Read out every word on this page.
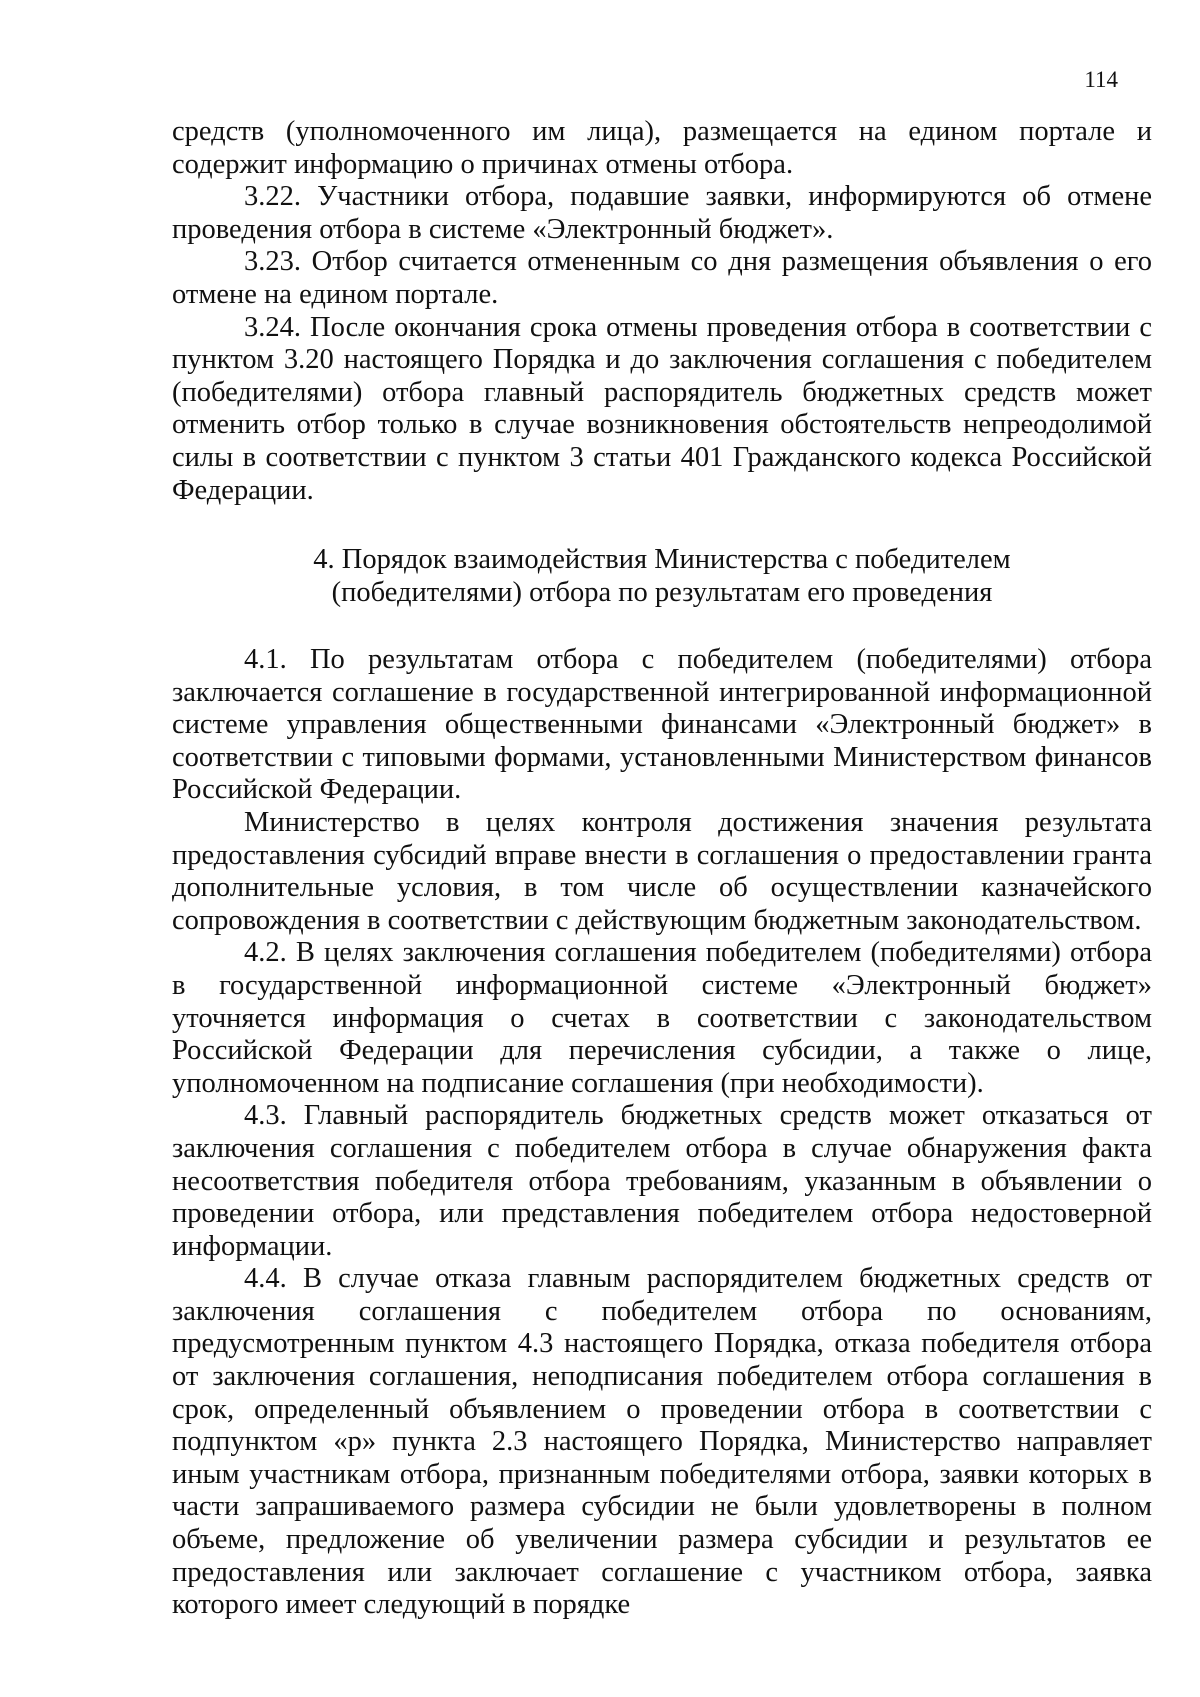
114

средств (уполномоченного им лица), размещается на едином портале и содержит информацию о причинах отмены отбора.

3.22. Участники отбора, подавшие заявки, информируются об отмене проведения отбора в системе «Электронный бюджет».

3.23. Отбор считается отмененным со дня размещения объявления о его отмене на едином портале.

3.24. После окончания срока отмены проведения отбора в соответствии с пунктом 3.20 настоящего Порядка и до заключения соглашения с победителем (победителями) отбора главный распорядитель бюджетных средств может отменить отбор только в случае возникновения обстоятельств непреодолимой силы в соответствии с пунктом 3 статьи 401 Гражданского кодекса Российской Федерации.

4. Порядок взаимодействия Министерства с победителем
(победителями) отбора по результатам его проведения

4.1. По результатам отбора с победителем (победителями) отбора заключается соглашение в государственной интегрированной информационной системе управления общественными финансами «Электронный бюджет» в соответствии с типовыми формами, установленными Министерством финансов Российской Федерации.

Министерство в целях контроля достижения значения результата предоставления субсидий вправе внести в соглашения о предоставлении гранта дополнительные условия, в том числе об осуществлении казначейского сопровождения в соответствии с действующим бюджетным законодательством.

4.2. В целях заключения соглашения победителем (победителями) отбора в государственной информационной системе «Электронный бюджет» уточняется информация о счетах в соответствии с законодательством Российской Федерации для перечисления субсидии, а также о лице, уполномоченном на подписание соглашения (при необходимости).

4.3. Главный распорядитель бюджетных средств может отказаться от заключения соглашения с победителем отбора в случае обнаружения факта несоответствия победителя отбора требованиям, указанным в объявлении о проведении отбора, или представления победителем отбора недостоверной информации.

4.4. В случае отказа главным распорядителем бюджетных средств от заключения соглашения с победителем отбора по основаниям, предусмотренным пунктом 4.3 настоящего Порядка, отказа победителя отбора от заключения соглашения, неподписания победителем отбора соглашения в срок, определенный объявлением о проведении отбора в соответствии с подпунктом «р» пункта 2.3 настоящего Порядка, Министерство направляет иным участникам отбора, признанным победителями отбора, заявки которых в части запрашиваемого размера субсидии не были удовлетворены в полном объеме, предложение об увеличении размера субсидии и результатов ее предоставления или заключает соглашение с участником отбора, заявка которого имеет следующий в порядке
